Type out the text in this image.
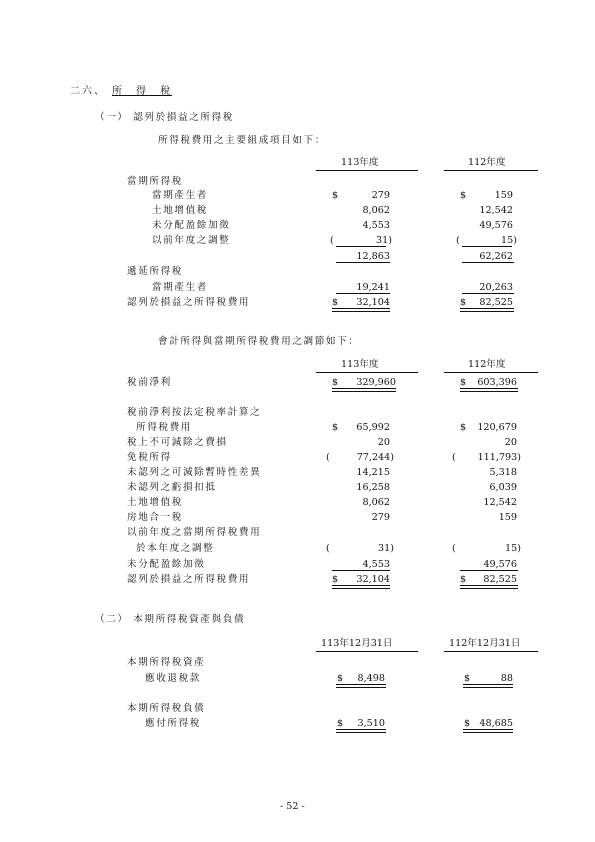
二六、 所　得　稅
（一） 認列於損益之所得稅
所得稅費用之主要組成項目如下：
113年度	112年度
當期所得稅
當期產生者	$	279	$	159
土地增值稅	8,062	12,542
未分配盈餘加徵	4,553	49,576
以前年度之調整	(	31)	(	15)
12,863	62,262
遞延所得稅
當期產生者	19,241	20,263
認列於損益之所得稅費用	$	32,104	$	82,525
會計所得與當期所得稅費用之調節如下：
113年度	112年度
稅前淨利	$	329,960	$	603,396
稅前淨利按法定稅率計算之
所得稅費用	$	65,992	$	120,679
稅上不可減除之費損	20	20
免稅所得	(	77,244)	(	111,793)
未認列之可減除暫時性差異	14,215	5,318
未認列之虧損扣抵	16,258	6,039
土地增值稅	8,062	12,542
房地合一稅	279	159
以前年度之當期所得稅費用
於本年度之調整	(	31)	(	15)
未分配盈餘加徵	4,553	49,576
認列於損益之所得稅費用	$	32,104	$	82,525
（二） 本期所得稅資產與負債
113年12月31日	112年12月31日
本期所得稅資產
應收退稅款	$	8,498	$	88
本期所得稅負債
應付所得稅	$	3,510	$ 48,685
- 52 -
